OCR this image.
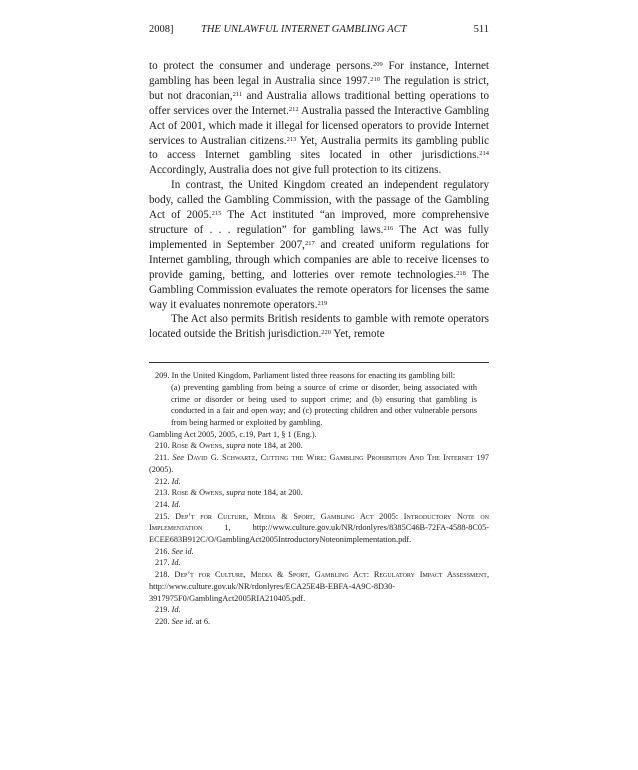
2008]	THE UNLAWFUL INTERNET GAMBLING ACT	511

to protect the consumer and underage persons.$^{209}$ For instance, Internet gambling has been legal in Australia since 1997.$^{210}$ The regulation is strict, but not draconian,$^{211}$ and Australia allows traditional betting operations to offer services over the Internet.$^{212}$ Australia passed the Interactive Gambling Act of 2001, which made it illegal for licensed operators to provide Internet services to Australian citizens.$^{213}$ Yet, Australia permits its gambling public to access Internet gambling sites located in other jurisdictions.$^{214}$ Accordingly, Australia does not give full protection to its citizens.

In contrast, the United Kingdom created an independent regulatory body, called the Gambling Commission, with the passage of the Gambling Act of 2005.$^{215}$ The Act instituted “an improved, more comprehensive structure of . . . regulation” for gambling laws.$^{216}$ The Act was fully implemented in September 2007,$^{217}$ and created uniform regulations for Internet gambling, through which companies are able to receive licenses to provide gaming, betting, and lotteries over remote technologies.$^{218}$ The Gambling Commission evaluates the remote operators for licenses the same way it evaluates nonremote operators.$^{219}$

The Act also permits British residents to gamble with remote operators located outside the British jurisdiction.$^{220}$ Yet, remote

209. In the United Kingdom, Parliament listed three reasons for enacting its gambling bill:

(a) preventing gambling from being a source of crime or disorder, being associated with crime or disorder or being used to support crime; and (b) ensuring that gambling is conducted in a fair and open way; and (c) protecting children and other vulnerable persons from being harmed or exploited by gambling.

Gambling Act 2005, 2005, c.19, Part 1, § 1 (Eng.).

210. Rose & Owens, supra note 184, at 200.

211. See David G. Schwartz, Cutting the Wire: Gambling Prohibition And The Internet 197 (2005).

212. Id.

213. Rose & Owens, supra note 184, at 200.

214. Id.

215. Dep’t for Culture, Media & Sport, Gambling Act 2005: Introductory Note on Implementation 1, http://www.culture.gov.uk/NR/rdonlyres/8385C46B-72FA-4588-8C05-ECEE683B912C/O/GamblingAct2005IntroductoryNoteonimplementation.pdf.

216. See id.

217. Id.

218. Dep’t for Culture, Media & Sport, Gambling Act: Regulatory Impact Assessment, http://www.culture.gov.uk/NR/rdonlyres/ECA25E4B-EBFA-4A9C-8D30-3917975F0/GamblingAct2005RIA210405.pdf.

219. Id.

220. See id. at 6.
